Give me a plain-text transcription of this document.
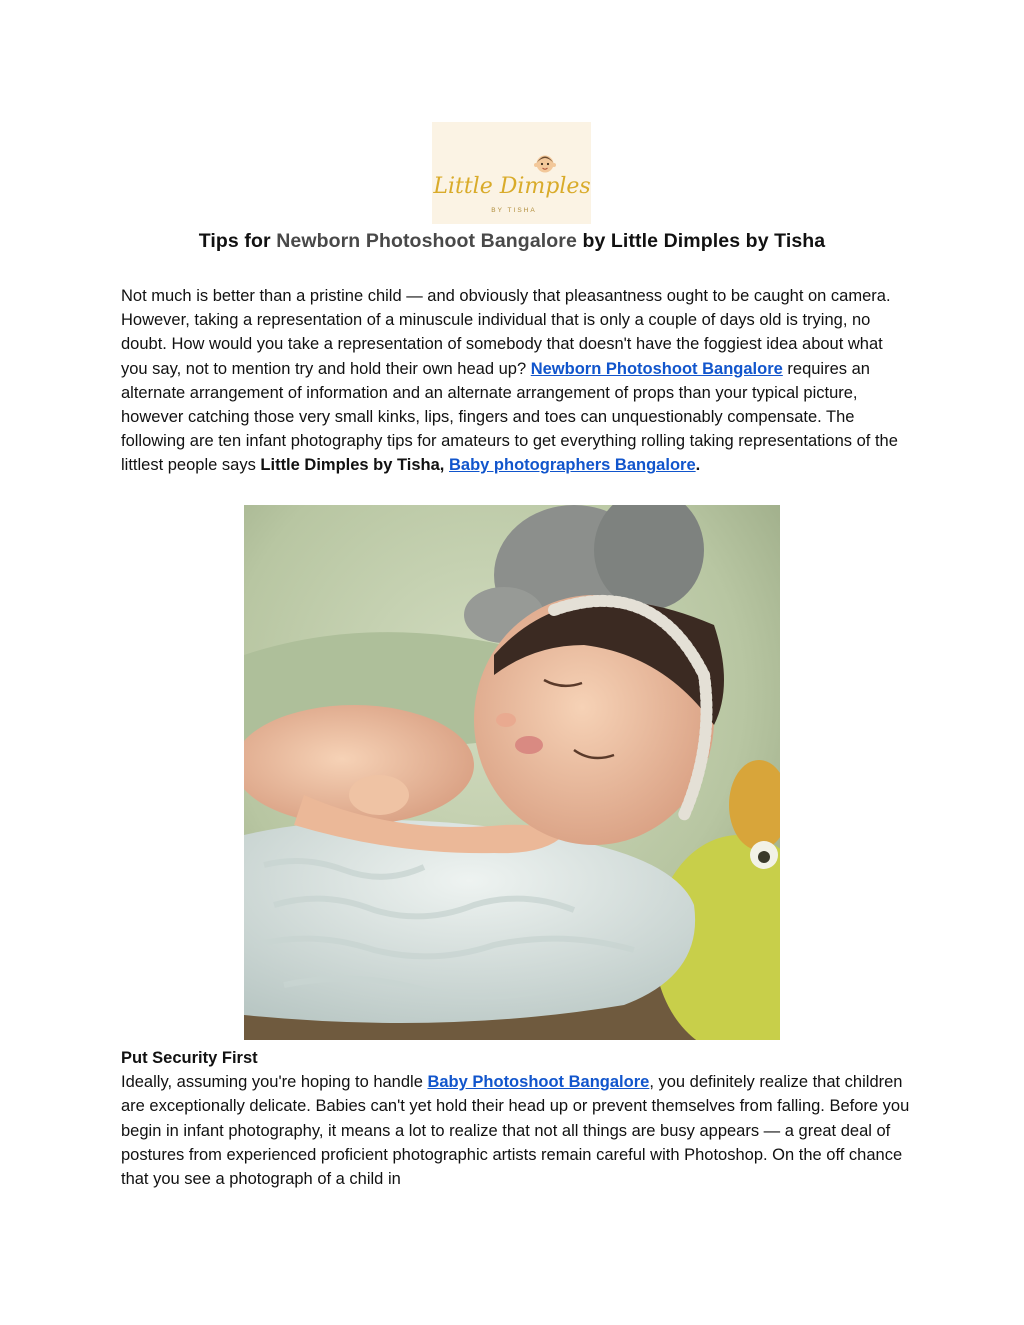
Little Dimples
BY TISHA
Tips for Newborn Photoshoot Bangalore by Little Dimples by Tisha
Not much is better than a pristine child — and obviously that pleasantness ought to be caught on camera. However, taking a representation of a minuscule individual that is only a couple of days old is trying, no doubt. How would you take a representation of somebody that doesn't have the foggiest idea about what you say, not to mention try and hold their own head up? Newborn Photoshoot Bangalore requires an alternate arrangement of information and an alternate arrangement of props than your typical picture, however catching those very small kinks, lips, fingers and toes can unquestionably compensate. The following are ten infant photography tips for amateurs to get everything rolling taking representations of the littlest people says Little Dimples by Tisha, Baby photographers Bangalore.
Put Security First
Ideally, assuming you're hoping to handle Baby Photoshoot Bangalore, you definitely realize that children are exceptionally delicate. Babies can't yet hold their head up or prevent themselves from falling. Before you begin in infant photography, it means a lot to realize that not all things are busy appears — a great deal of postures from experienced proficient photographic artists remain careful with Photoshop. On the off chance that you see a photograph of a child in
